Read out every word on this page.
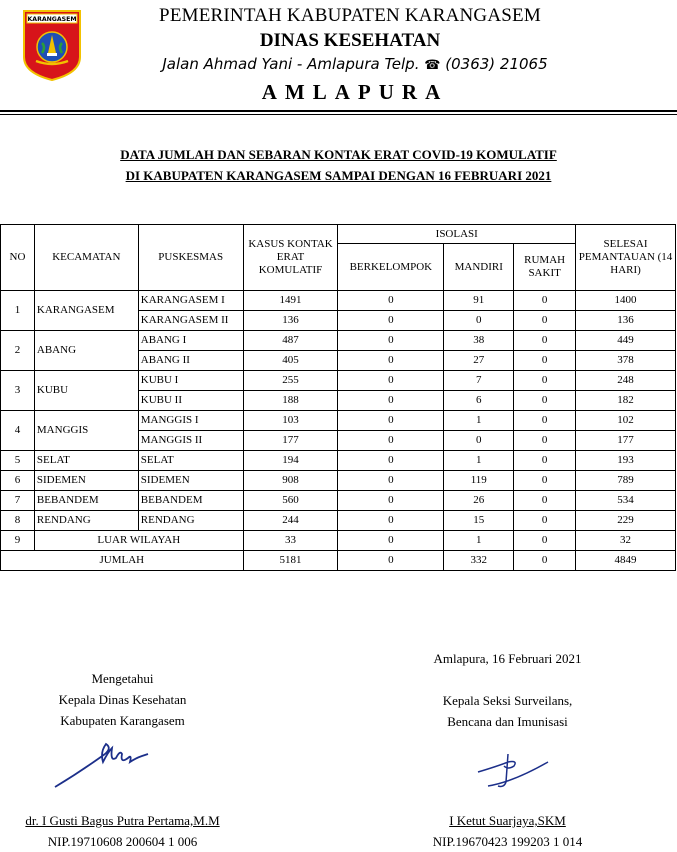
KARANGASEM	PEMERINTAH KABUPATEN KARANGASEM
DINAS KESEHATAN
Jalan Ahmad Yani - Amlapura Telp. ☎ (0363) 21065
AMLAPURA
DATA JUMLAH DAN SEBARAN KONTAK ERAT COVID-19 KOMULATIF
DI KABUPATEN KARANGASEM SAMPAI DENGAN 16 FEBRUARI 2021
NO	KECAMATAN	PUSKESMAS	KASUS KONTAK ERAT KOMULATIF	ISOLASI			SELESAI PEMANTAUAN (14 HARI)
				BERKELOMPOK	MANDIRI	RUMAH SAKIT	
1	KARANGASEM	KARANGASEM I	1491	0	91	0	1400
		KARANGASEM II	136	0	0	0	136
2	ABANG	ABANG I	487	0	38	0	449
		ABANG II	405	0	27	0	378
3	KUBU	KUBU I	255	0	7	0	248
		KUBU II	188	0	6	0	182
4	MANGGIS	MANGGIS I	103	0	1	0	102
		MANGGIS II	177	0	0	0	177
5	SELAT	SELAT	194	0	1	0	193
6	SIDEMEN	SIDEMEN	908	0	119	0	789
7	BEBANDEM	BEBANDEM	560	0	26	0	534
8	RENDANG	RENDANG	244	0	15	0	229
9	LUAR WILAYAH		33	0	1	0	32
JUMLAH			5181	0	332	0	4849
Mengetahui
Kepala Dinas Kesehatan
Kabupaten Karangasem
Amlapura, 16 Februari 2021

Kepala Seksi Surveilans,
Bencana dan Imunisasi
dr. I Gusti Bagus Putra Pertama,M.M
NIP.19710608 200604 1 006
I Ketut Suarjaya,SKM
NIP.19670423 199203 1 014
